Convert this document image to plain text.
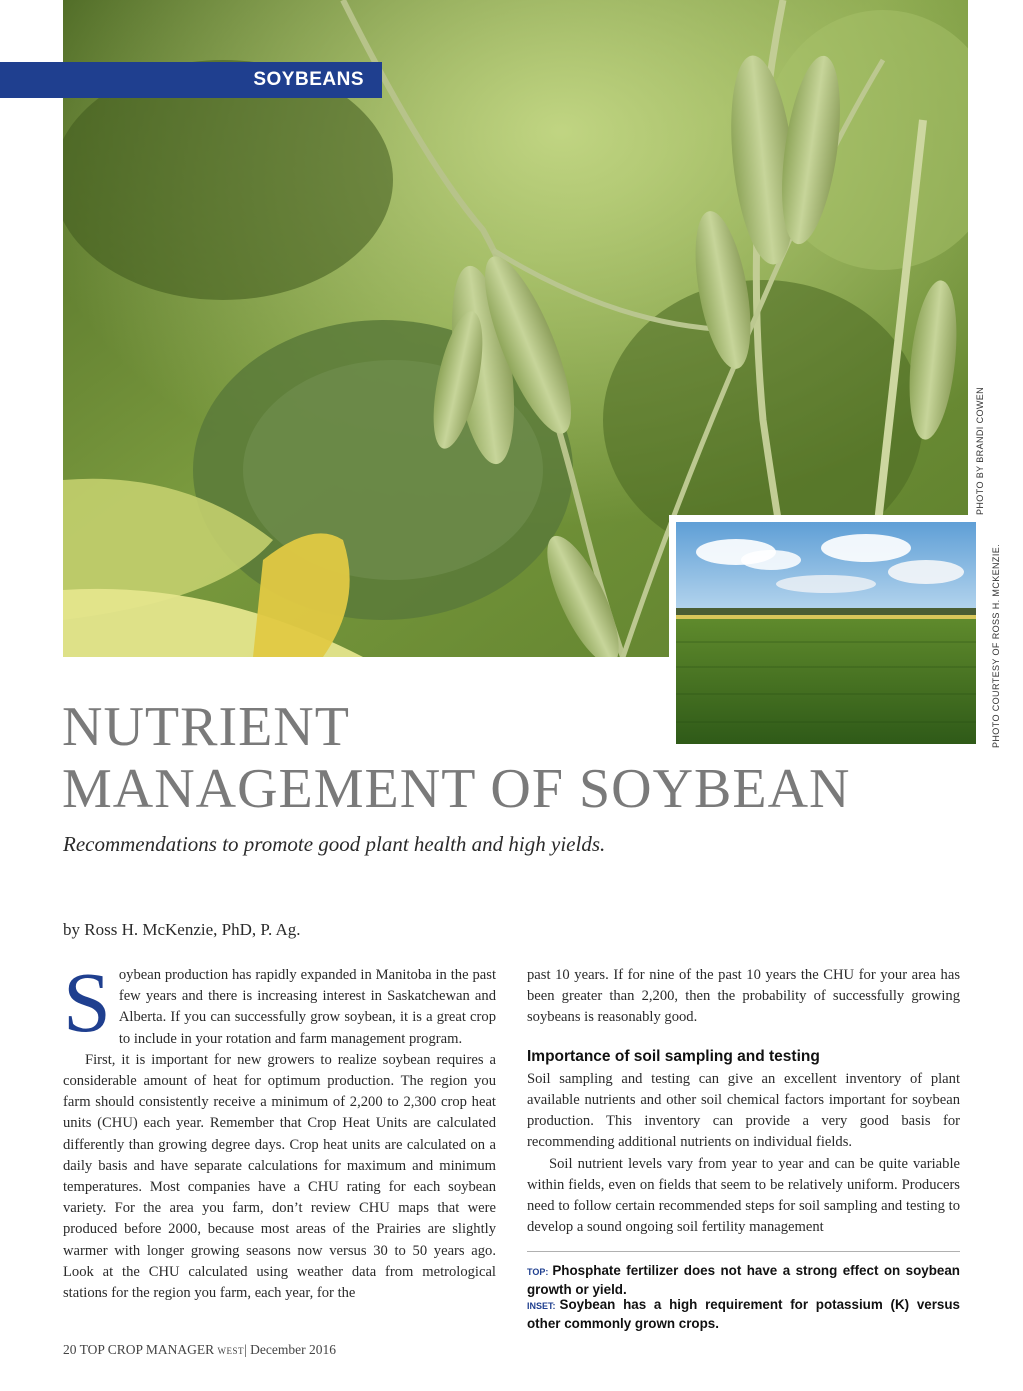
SOYBEANS
PHOTO BY BRANDI COWEN
PHOTO COURTESY OF ROSS H. MCKENZIE.
NUTRIENT
MANAGEMENT OF SOYBEAN

Recommendations to promote good plant health and high yields.

by Ross H. McKenzie, PhD, P. Ag.

Soybean production has rapidly expanded in Manitoba in the past few years and there is increasing interest in Saskatchewan and Alberta. If you can successfully grow soybean, it is a great crop to include in your rotation and farm management program.

First, it is important for new growers to realize soybean requires a considerable amount of heat for optimum production. The region you farm should consistently receive a minimum of 2,200 to 2,300 crop heat units (CHU) each year. Remember that Crop Heat Units are calculated differently than growing degree days. Crop heat units are calculated on a daily basis and have separate calculations for maximum and minimum temperatures. Most companies have a CHU rating for each soybean variety. For the area you farm, don’t review CHU maps that were produced before 2000, because most areas of the Prairies are slightly warmer with longer growing seasons now versus 30 to 50 years ago. Look at the CHU calculated using weather data from metrological stations for the region you farm, each year, for the

past 10 years. If for nine of the past 10 years the CHU for your area has been greater than 2,200, then the probability of successfully growing soybeans is reasonably good.

Importance of soil sampling and testing

Soil sampling and testing can give an excellent inventory of plant available nutrients and other soil chemical factors important for soybean production. This inventory can provide a very good basis for recommending additional nutrients on individual fields.

Soil nutrient levels vary from year to year and can be quite variable within fields, even on fields that seem to be relatively uniform. Producers need to follow certain recommended steps for soil sampling and testing to develop a sound ongoing soil fertility management

TOP: Phosphate fertilizer does not have a strong effect on soybean growth or yield.
INSET: Soybean has a high requirement for potassium (K) versus other commonly grown crops.
20 TOP CROP MANAGER WEST| December 2016
